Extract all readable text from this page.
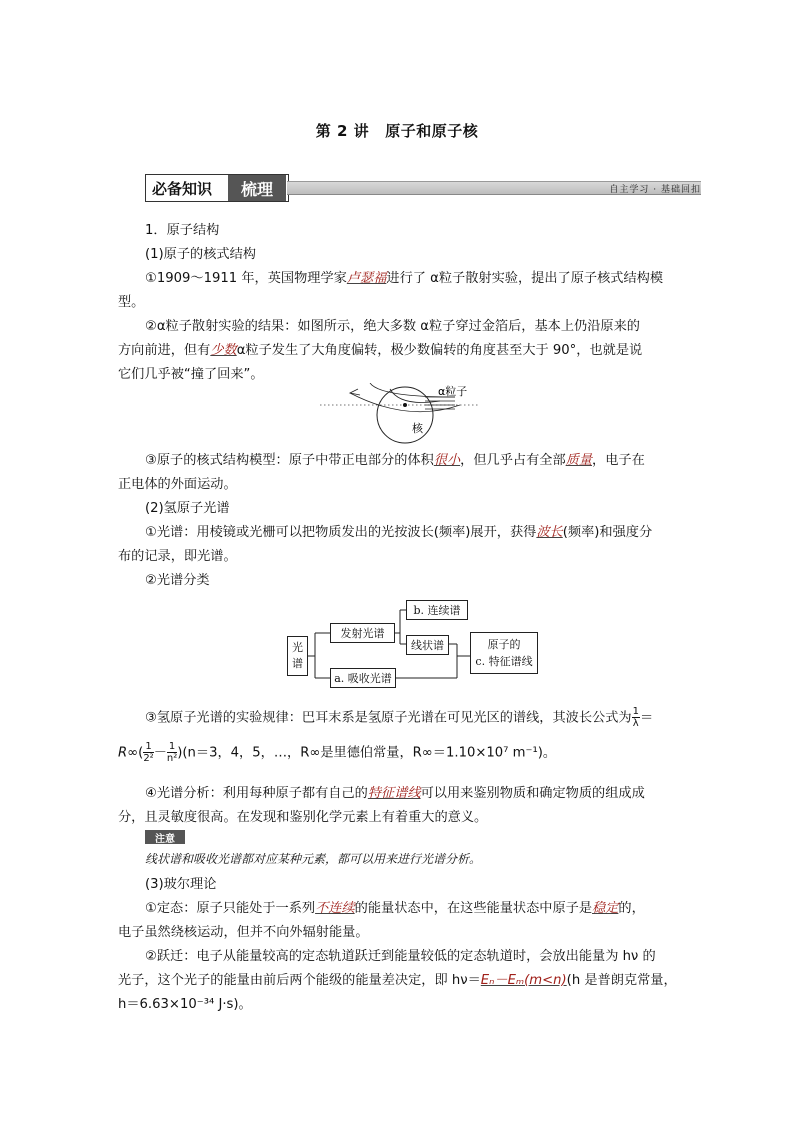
第 2 讲 原子和原子核
必备知识	梳理	自主学习 · 基础回扣
1．原子结构
(1)原子的核式结构
①1909～1911 年，英国物理学家卢瑟福进行了 α粒子散射实验，提出了原子核式结构模
型。
②α粒子散射实验的结果：如图所示，绝大多数 α粒子穿过金箔后，基本上仍沿原来的
方向前进，但有少数α粒子发生了大角度偏转，极少数偏转的角度甚至大于 90°，也就是说
它们几乎被“撞了回来”。
核
α粒子
③原子的核式结构模型：原子中带正电部分的体积很小，但几乎占有全部质量，电子在
正电体的外面运动。
(2)氢原子光谱
①光谱：用棱镜或光栅可以把物质发出的光按波长(频率)展开，获得波长(频率)和强度分
布的记录，即光谱。
②光谱分类
光谱
发射光谱
b. 连续谱
线状谱
a. 吸收光谱
原子的
c. 特征谱线
③氢原子光谱的实验规律：巴耳末系是氢原子光谱在可见光区的谱线，其波长公式为 $\frac{1}{\lambda}$ ＝
$R\infty( \frac{1}{\text{2²}} - \frac{1}{\text{n²}} )(n=3$，4，5，…，R∞是里德伯常量，R∞＝1.10×10⁷ m⁻¹)。
④光谱分析：利用每种原子都有自己的特征谱线可以用来鉴别物质和确定物质的组成成
分，且灵敏度很高。在发现和鉴别化学元素上有着重大的意义。
注意
线状谱和吸收光谱都对应某种元素，都可以用来进行光谱分析。
(3)玻尔理论
①定态：原子只能处于一系列不连续的能量状态中，在这些能量状态中原子是稳定的，
电子虽然绕核运动，但并不向外辐射能量。
②跃迁：电子从能量较高的定态轨道跃迁到能量较低的定态轨道时，会放出能量为 hν 的
光子，这个光子的能量由前后两个能级的能量差决定，即 hν＝Eₙ－Eₘ(m<n)(h 是普朗克常量，
h＝6.63×10⁻³⁴ J·s)。
